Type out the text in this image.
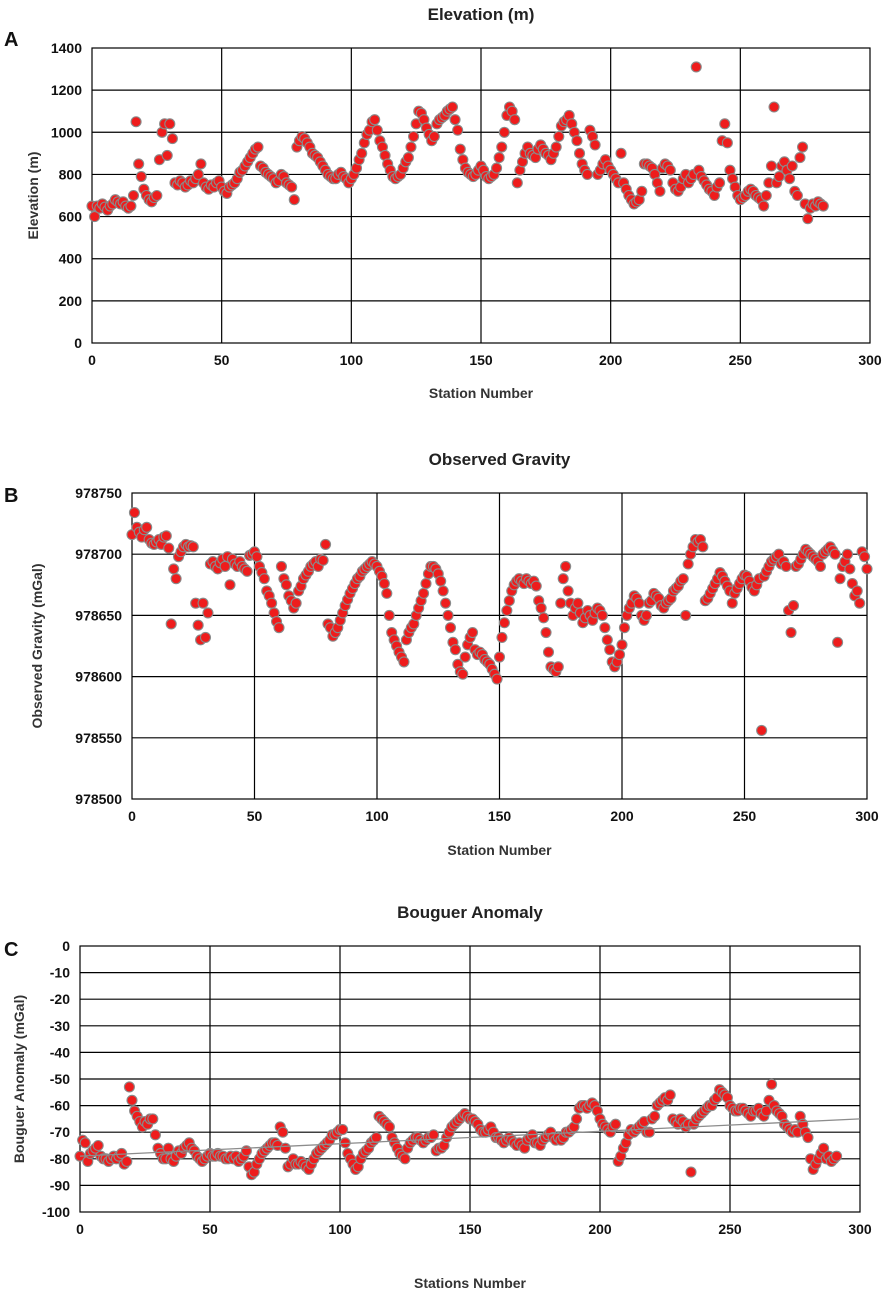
A
Elevation (m)
0	50	100	150	200	250	300
0
200
400
600
800
1000
1200
1400
Station Number
Elevation (m)
B
Observed Gravity
0	50	100	150	200	250	300
978500
978550
978600
978650
978700
978750
Station Number
Observed Gravity (mGal)
C
Bouguer Anomaly
0	50	100	150	200	250	300
0
-10
-20
-30
-40
-50
-60
-70
-80
-90
-100
Stations Number
Bouguer Anomaly (mGal)
